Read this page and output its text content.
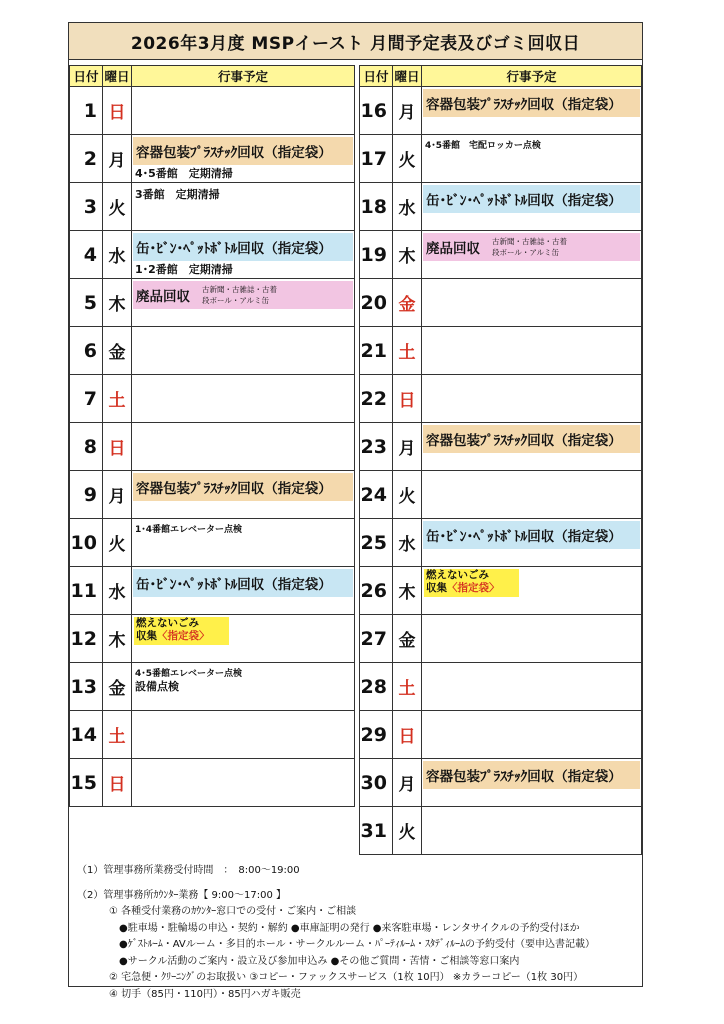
2026年3月度 MSPイースト 月間予定表及びゴミ回収日
日付 曜日	行事予定
1 日
2 月 容器包装ﾌﾟﾗｽﾁｯｸ回収（指定袋）
4･5番館　定期清掃
3 火
3番館　定期清掃
4 水 缶･ﾋﾞﾝ･ﾍﾟｯﾄﾎﾞﾄﾙ回収（指定袋）
1･2番館　定期清掃
5 木 廃品回収 古新聞・古雑誌・古着
段ボール・アルミ缶
6 金
7 土
8 日
9 月 容器包装ﾌﾟﾗｽﾁｯｸ回収（指定袋）
10 火
1･4番館エレベーター点検
11 水 缶･ﾋﾞﾝ･ﾍﾟｯﾄﾎﾞﾄﾙ回収（指定袋）
12 木
燃えないごみ
収集〈指定袋〉
13 金
4･5番館エレベーター点検
設備点検
14 土
15 日
日付 曜日	行事予定
16 月 容器包装ﾌﾟﾗｽﾁｯｸ回収（指定袋）
17 火
4･5番館　宅配ロッカー点検
18 水 缶･ﾋﾞﾝ･ﾍﾟｯﾄﾎﾞﾄﾙ回収（指定袋）
19 木 廃品回収 古新聞・古雑誌・古着
段ボール・アルミ缶
20 金
21 土
22 日
23 月 容器包装ﾌﾟﾗｽﾁｯｸ回収（指定袋）
24 火
25 水 缶･ﾋﾞﾝ･ﾍﾟｯﾄﾎﾞﾄﾙ回収（指定袋）
26 木
燃えないごみ
収集〈指定袋〉
27 金
28 土
29 日
30 月 容器包装ﾌﾟﾗｽﾁｯｸ回収（指定袋）
31 火
（1）管理事務所業務受付時間　：　8:00～19:00
（2）管理事務所ｶｳﾝﾀｰ業務【 9:00～17:00 】
① 各種受付業務のｶｳﾝﾀｰ窓口での受付・ご案内・ご相談
●駐車場・駐輪場の申込・契約・解約 ●車庫証明の発行 ●来客駐車場・レンタサイクルの予約受付ほか
●ｹﾞｽﾄﾙｰﾑ・AVルーム・多目的ホール・サークルルーム・ﾊﾟｰﾃｨﾙｰﾑ・ｽﾀﾃﾞｨﾙｰﾑの予約受付（要申込書記載）
●サークル活動のご案内・設立及び参加申込み ●その他ご質問・苦情・ご相談等窓口案内
② 宅急便・ｸﾘｰﾆﾝｸﾞのお取扱い ③コピー・ファックスサービス（1枚 10円） ※カラーコピー（1枚 30円）
④ 切手（85円・110円）・85円ハガキ販売
